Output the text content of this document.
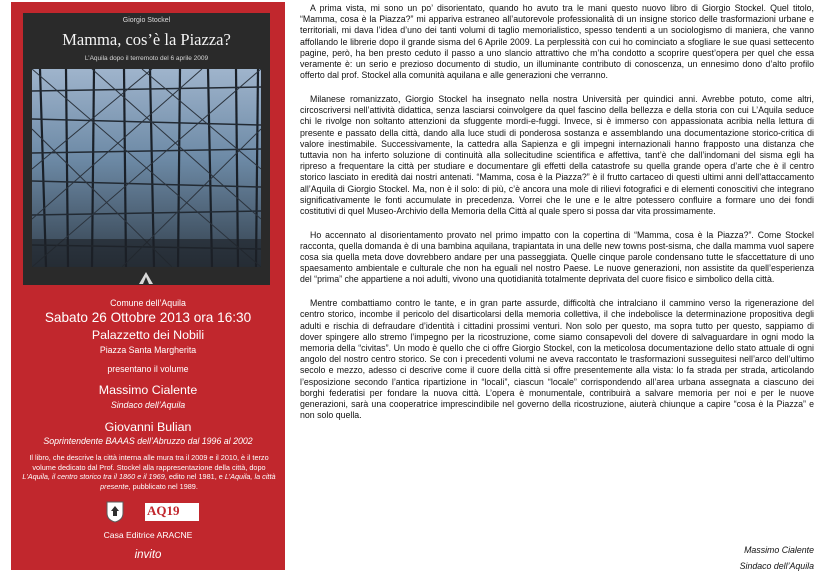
Giorgio Stockel
Mamma, cos’è la Piazza?
L’Aquila dopo il terremoto del 6 aprile 2009
Comune dell’Aquila
Sabato 26 Ottobre 2013 ora 16:30
Palazzetto dei Nobili
Piazza Santa Margherita
presentano il volume
Massimo Cialente
Sindaco dell’Aquila
Giovanni Bulian
Soprintendente BAAAS dell’Abruzzo dal 1996 al 2002
Il libro, che descrive la città interna alle mura tra il 2009 e il 2010, è il terzo volume dedicato dal Prof. Stockel alla rappresentazione della città, dopo L’Aquila, il centro storico tra il 1860 e il 1969, edito nel 1981, e L’Aquila, la città presente, pubblicato nel 1989.
AQ19
Casa Editrice ARACNE
invito

A prima vista, mi sono un po’ disorientato, quando ho avuto tra le mani questo nuovo libro di Giorgio Stockel. Quel titolo, “Mamma, cosa è la Piazza?” mi appariva estraneo all’autorevole professionalità di un insigne storico delle trasformazioni urbane e territoriali, mi dava l’idea d’uno dei tanti volumi di taglio memorialistico, spesso tendenti a un sociologismo di maniera, che vanno affollando le librerie dopo il grande sisma del 6 Aprile 2009. La perplessità con cui ho cominciato a sfogliare le sue quasi settecento pagine, però, ha ben presto ceduto il passo a uno slancio attrattivo che m’ha condotto a scoprire quest’opera per quel che essa veramente è: un serio e prezioso documento di studio, un illuminante contributo di conoscenza, un ennesimo dono d’alto profilo offerto dal prof. Stockel alla comunità aquilana e alle generazioni che verranno.

Milanese romanizzato, Giorgio Stockel ha insegnato nella nostra Università per quindici anni. Avrebbe potuto, come altri, circoscriversi nell’attività didattica, senza lasciarsi coinvolgere da quel fascino della bellezza e della storia con cui L’Aquila seduce chi le rivolge non soltanto attenzioni da sfuggente mordi-e-fuggi. Invece, si è immerso con appassionata acribia nella lettura di presente e passato della città, dando alla luce studi di ponderosa sostanza e assemblando una documentazione storico-critica di valore inestimabile. Successivamente, la cattedra alla Sapienza e gli impegni internazionali hanno frapposto una distanza che tuttavia non ha inferto soluzione di continuità alla sollecitudine scientifica e affettiva, tant’è che dall’indomani del sisma egli ha ripreso a frequentare la città per studiare e documentare gli effetti della catastrofe su quella grande opera d’arte che è il centro storico lasciato in eredità dai nostri antenati. “Mamma, cosa è la Piazza?” è il frutto cartaceo di questi ultimi anni dell’attaccamento all’Aquila di Giorgio Stockel. Ma, non è il solo: di più, c’è ancora una mole di rilievi fotografici e di elementi conoscitivi che integrano significativamente le fonti accumulate in precedenza. Vorrei che le une e le altre potessero confluire a formare uno dei fondi costitutivi di quel Museo-Archivio della Memoria della Città al quale spero si possa dar vita prossimamente.

Ho accennato al disorientamento provato nel primo impatto con la copertina di “Mamma, cosa è la Piazza?”. Come Stockel racconta, quella domanda è di una bambina aquilana, trapiantata in una delle new towns post-sisma, che dalla mamma vuol sapere cosa sia quella meta dove dovrebbero andare per una passeggiata. Quelle cinque parole condensano tutte le sfaccettature di uno spaesamento ambientale e culturale che non ha eguali nel nostro Paese. Le nuove generazioni, non assistite da quell’esperienza del “prima” che appartiene a noi adulti, vivono una quotidianità totalmente deprivata del cuore fisico e simbolico della città.

Mentre combattiamo contro le tante, e in gran parte assurde, difficoltà che intralciano il cammino verso la rigenerazione del centro storico, incombe il pericolo del disarticolarsi della memoria collettiva, il che indebolisce la determinazione propositiva degli adulti e rischia di defraudare d’identità i cittadini prossimi venturi. Non solo per questo, ma sopra tutto per questo, sappiamo di dover spingere allo stremo l’impegno per la ricostruzione, come siamo consapevoli del dovere di salvaguardare in ogni modo la memoria della “civitas”. Un modo è quello che ci offre Giorgio Stockel, con la meticolosa documentazione dello stato attuale di ogni angolo del nostro centro storico. Se con i precedenti volumi ne aveva raccontato le trasformazioni susseguitesi nell’arco dell’ultimo secolo e mezzo, adesso ci descrive come il cuore della città si offre presentemente alla vista: lo fa strada per strada, articolando l’esposizione secondo l’antica ripartizione in “locali”, ciascun “locale” corrispondendo all’area urbana assegnata a ciascuno dei borghi federatisi per fondare la nuova città. L’opera è monumentale, contribuirà a salvare memoria per noi e per le nuove generazioni, sarà una cooperatrice imprescindibile nel governo della ricostruzione, aiuterà chiunque a capire “cosa è la Piazza” e non solo quella.

Massimo Cialente
Sindaco dell’Aquila
